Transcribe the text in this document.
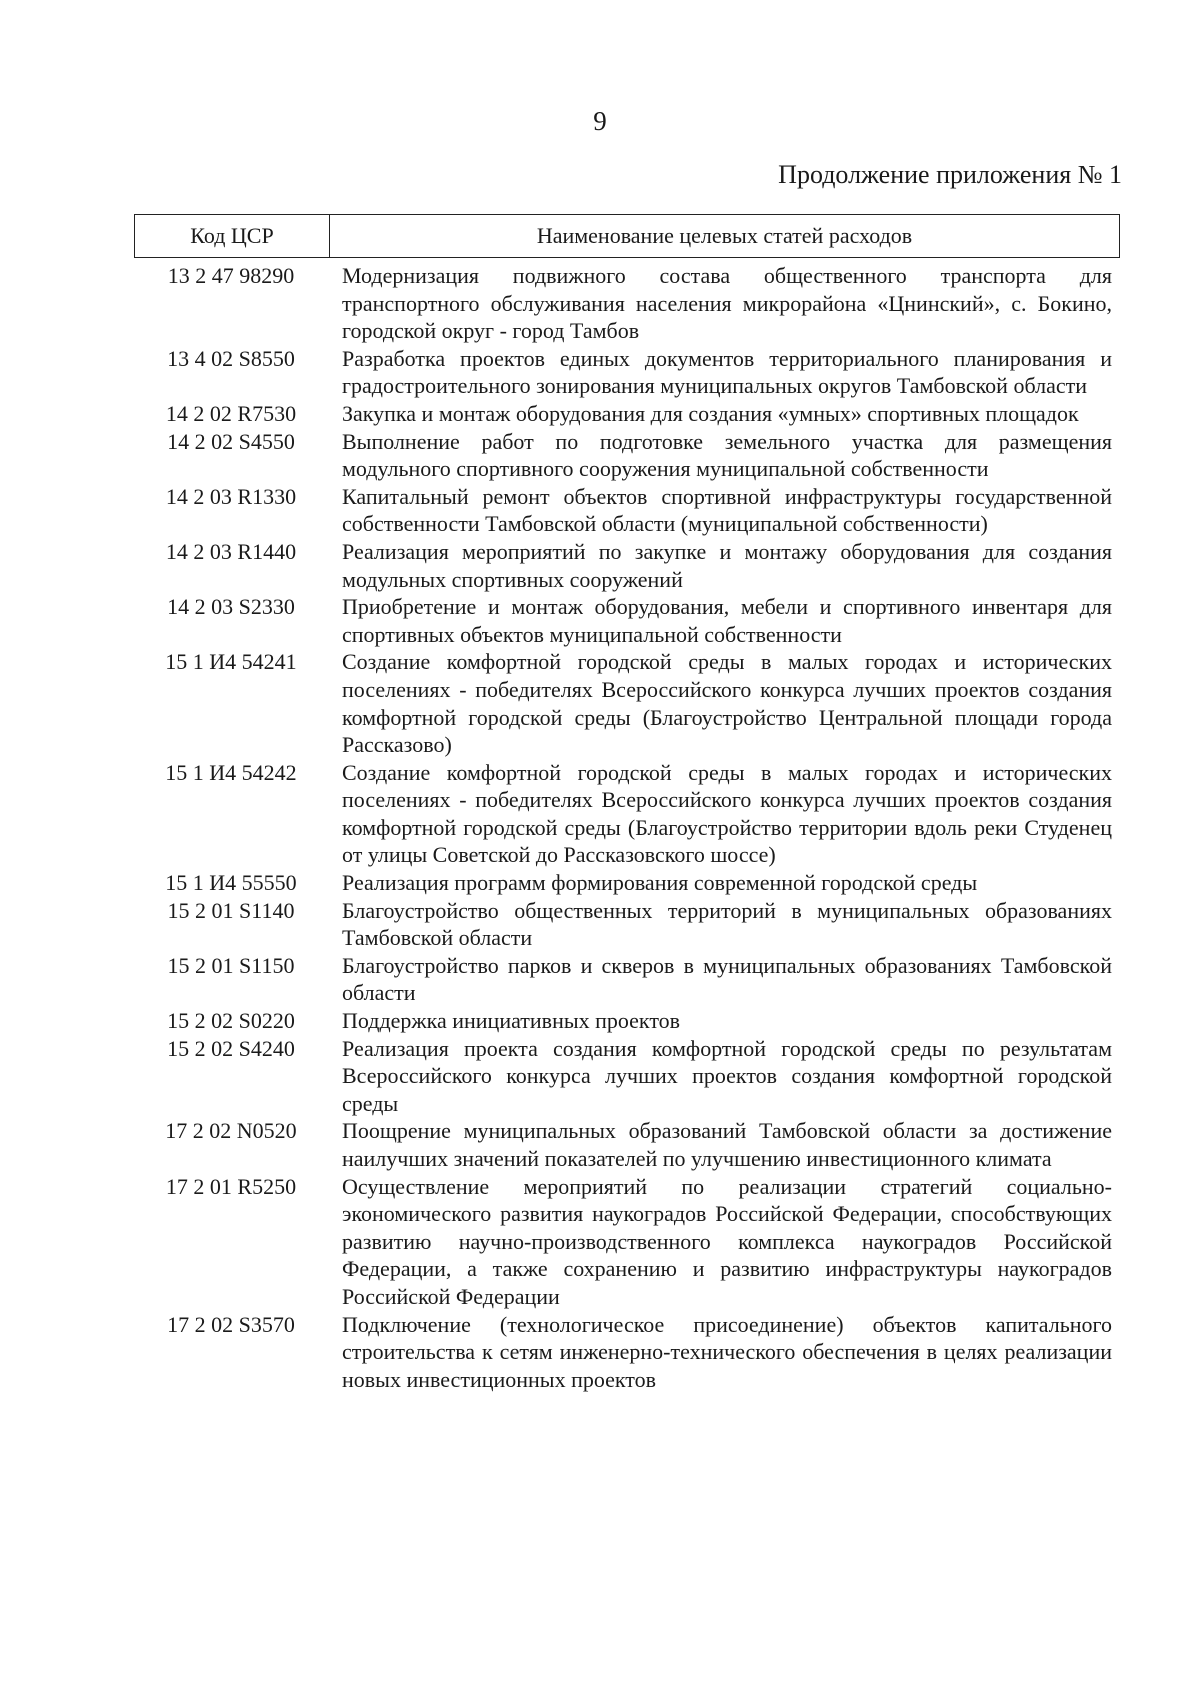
9
Продолжение приложения № 1
Код ЦСР	Наименование целевых статей расходов
13 2 47 98290	Модернизация подвижного состава общественного транспорта для транспортного обслуживания населения микрорайона «Цнинский», с. Бокино, городской округ - город Тамбов
13 4 02 S8550	Разработка проектов единых документов территориального планирования и градостроительного зонирования муниципальных округов Тамбовской области
14 2 02 R7530	Закупка и монтаж оборудования для создания «умных» спортивных площадок
14 2 02 S4550	Выполнение работ по подготовке земельного участка для размещения модульного спортивного сооружения муниципальной собственности
14 2 03 R1330	Капитальный ремонт объектов спортивной инфраструктуры государственной собственности Тамбовской области (муниципальной собственности)
14 2 03 R1440	Реализация мероприятий по закупке и монтажу оборудования для создания модульных спортивных сооружений
14 2 03 S2330	Приобретение и монтаж оборудования, мебели и спортивного инвентаря для спортивных объектов муниципальной собственности
15 1 И4 54241	Создание комфортной городской среды в малых городах и исторических поселениях - победителях Всероссийского конкурса лучших проектов создания комфортной городской среды (Благоустройство Центральной площади города Рассказово)
15 1 И4 54242	Создание комфортной городской среды в малых городах и исторических поселениях - победителях Всероссийского конкурса лучших проектов создания комфортной городской среды (Благоустройство территории вдоль реки Студенец от улицы Советской до Рассказовского шоссе)
15 1 И4 55550	Реализация программ формирования современной городской среды
15 2 01 S1140	Благоустройство общественных территорий в муниципальных образованиях Тамбовской области
15 2 01 S1150	Благоустройство парков и скверов в муниципальных образованиях Тамбовской области
15 2 02 S0220	Поддержка инициативных проектов
15 2 02 S4240	Реализация проекта создания комфортной городской среды по результатам Всероссийского конкурса лучших проектов создания комфортной городской среды
17 2 02 N0520	Поощрение муниципальных образований Тамбовской области за достижение наилучших значений показателей по улучшению инвестиционного климата
17 2 01 R5250	Осуществление мероприятий по реализации стратегий социально-экономического развития наукоградов Российской Федерации, способствующих развитию научно-производственного комплекса наукоградов Российской Федерации, а также сохранению и развитию инфраструктуры наукоградов Российской Федерации
17 2 02 S3570	Подключение (технологическое присоединение) объектов капитального строительства к сетям инженерно-технического обеспечения в целях реализации новых инвестиционных проектов
